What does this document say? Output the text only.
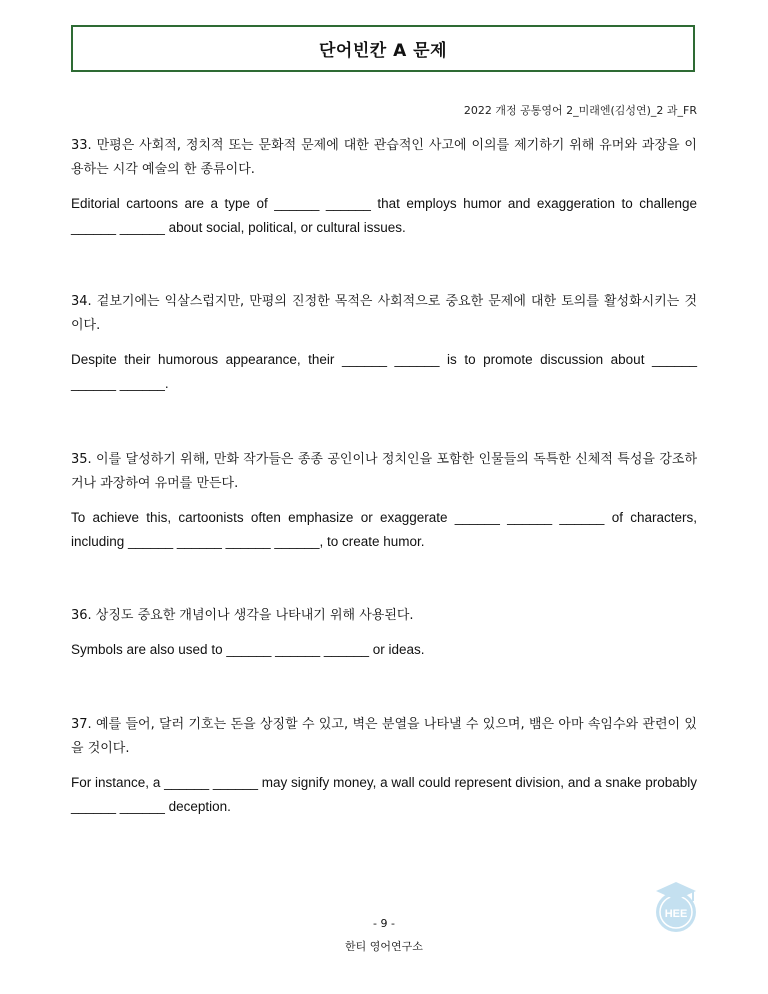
단어빈칸 A 문제
2022 개정 공통영어 2_미래엔(김성연)_2 과_FR

33. 만평은 사회적, 정치적 또는 문화적 문제에 대한 관습적인 사고에 이의를 제기하기 위해 유머와 과장을 이용하는 시각 예술의 한 종류이다.

Editorial cartoons are a type of ______ ______ that employs humor and exaggeration to challenge ______ ______ about social, political, or cultural issues.

34. 겉보기에는 익살스럽지만, 만평의 진정한 목적은 사회적으로 중요한 문제에 대한 토의를 활성화시키는 것이다.

Despite their humorous appearance, their ______ ______ is to promote discussion about ______ ______ ______.

35. 이를 달성하기 위해, 만화 작가들은 종종 공인이나 정치인을 포함한 인물들의 독특한 신체적 특성을 강조하거나 과장하여 유머를 만든다.

To achieve this, cartoonists often emphasize or exaggerate ______ ______ ______ of characters, including ______ ______ ______ ______, to create humor.

36. 상징도 중요한 개념이나 생각을 나타내기 위해 사용된다.

Symbols are also used to ______ ______ ______ or ideas.

37. 예를 들어, 달러 기호는 돈을 상징할 수 있고, 벽은 분열을 나타낼 수 있으며, 뱀은 아마 속임수와 관련이 있을 것이다.

For instance, a ______ ______ may signify money, a wall could represent division, and a snake probably ______ ______ deception.

HEE
- 9 -
한티 영어연구소
